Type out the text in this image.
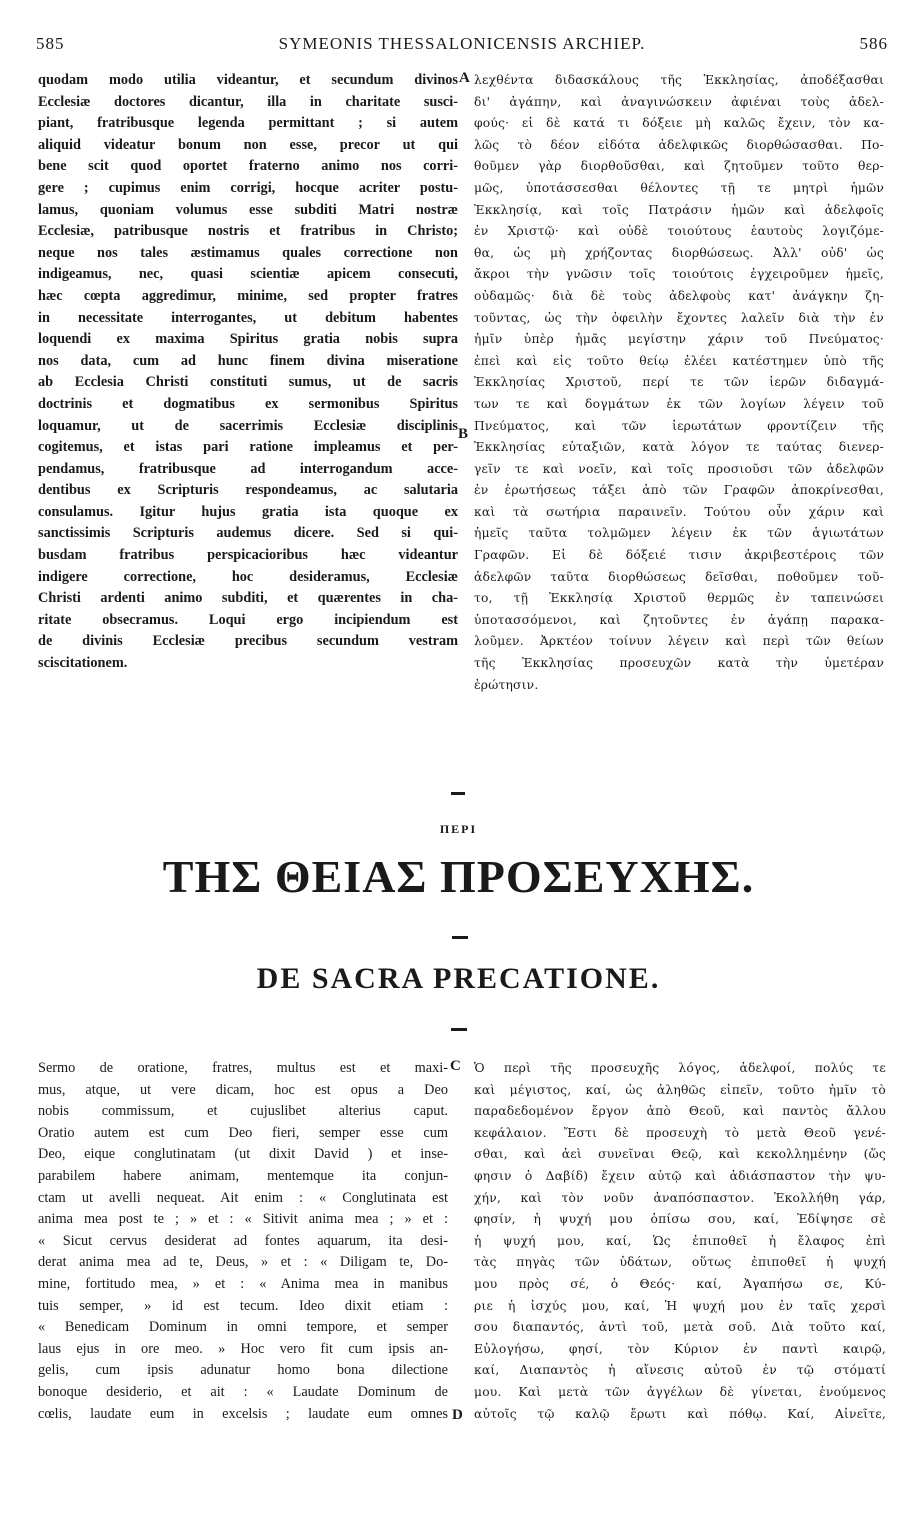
585	SYMEONIS THESSALONICENSIS ARCHIEP.	586
quodam modo utilia videantur, et secundum divinos
Ecclesiæ doctores dicantur, illa in charitate susci-
piant, fratribusque legenda permittant ; si autem
aliquid videatur bonum non esse, precor ut qui
bene scit quod oportet fraterno animo nos corri-
gere ; cupimus enim corrigi, hocque acriter postu-
lamus, quoniam volumus esse subditi Matri nostræ
Ecclesiæ, patribusque nostris et fratribus in Christo;
neque nos tales æstimamus quales correctione non
indigeamus, nec, quasi scientiæ apicem consecuti,
hæc cœpta aggredimur, minime, sed propter fratres
in necessitate interrogantes, ut debitum habentes
loquendi ex maxima Spiritus gratia nobis supra
nos data, cum ad hunc finem divina miseratione
ab Ecclesia Christi constituti sumus, ut de sacris
doctrinis et dogmatibus ex sermonibus Spiritus
loquamur, ut de sacerrimis Ecclesiæ disciplinis
cogitemus, et istas pari ratione impleamus et per-
pendamus, fratribusque ad interrogandum acce-
dentibus ex Scripturis respondeamus, ac salutaria
consulamus. Igitur hujus gratia ista quoque ex
sanctissimis Scripturis audemus dicere. Sed si qui-
busdam fratribus perspicacioribus hæc videantur
indigere correctione, hoc desideramus, Ecclesiæ
Christi ardenti animo subditi, et quærentes in cha-
ritate obsecramus. Loqui ergo incipiendum est
de divinis Ecclesiæ precibus secundum vestram
sciscitationem.
λεχθέντα διδασκάλους τῆς Ἐκκλησίας, ἀποδέξασθαι
δι' ἀγάπην, καὶ ἀναγινώσκειν ἀφιέναι τοὺς ἀδελ-
φούς· εἰ δὲ κατά τι δόξειε μὴ καλῶς ἔχειν, τὸν κα-
λῶς τὸ δέον εἰδότα ἀδελφικῶς διορθώσασθαι. Πο-
θοῦμεν γὰρ διορθοῦσθαι, καὶ ζητοῦμεν τοῦτο θερ-
μῶς, ὑποτάσσεσθαι θέλοντες τῇ τε μητρὶ ἡμῶν
Ἐκκλησίᾳ, καὶ τοῖς Πατράσιν ἡμῶν καὶ ἀδελφοῖς
ἐν Χριστῷ· καὶ οὐδὲ τοιούτους ἑαυτοὺς λογιζόμε-
θα, ὡς μὴ χρήζοντας διορθώσεως. Ἀλλ' οὐδ' ὡς
ἄκροι τὴν γνῶσιν τοῖς τοιούτοις ἐγχειροῦμεν ἡμεῖς,
οὐδαμῶς· διὰ δὲ τοὺς ἀδελφοὺς κατ' ἀνάγκην ζη-
τοῦντας, ὡς τὴν ὀφειλὴν ἔχοντες λαλεῖν διὰ τὴν ἐν
ἡμῖν ὑπὲρ ἡμᾶς μεγίστην χάριν τοῦ Πνεύματος·
ἐπεὶ καὶ εἰς τοῦτο θείῳ ἐλέει κατέστημεν ὑπὸ τῆς
Ἐκκλησίας Χριστοῦ, περί τε τῶν ἱερῶν διδαγμά-
των τε καὶ δογμάτων ἐκ τῶν λογίων λέγειν τοῦ
Πνεύματος, καὶ τῶν ἱερωτάτων φροντίζειν τῆς
Ἐκκλησίας εὐταξιῶν, κατὰ λόγον τε ταύτας διενερ-
γεῖν τε καὶ νοεῖν, καὶ τοῖς προσιοῦσι τῶν ἀδελφῶν
ἐν ἐρωτήσεως τάξει ἀπὸ τῶν Γραφῶν ἀποκρίνεσθαι,
καὶ τὰ σωτήρια παραινεῖν. Τούτου οὖν χάριν καὶ
ἡμεῖς ταῦτα τολμῶμεν λέγειν ἐκ τῶν ἁγιωτάτων
Γραφῶν. Εἰ δὲ δόξειέ τισιν ἀκριβεστέροις τῶν
ἀδελφῶν ταῦτα διορθώσεως δεῖσθαι, ποθοῦμεν τοῦ-
το, τῇ Ἐκκλησίᾳ Χριστοῦ θερμῶς ἐν ταπεινώσει
ὑποτασσόμενοι, καὶ ζητοῦντες ἐν ἀγάπῃ παρακα-
λοῦμεν. Ἀρκτέον τοίνυν λέγειν καὶ περὶ τῶν θείων
τῆς Ἐκκλησίας προσευχῶν κατὰ τὴν ὑμετέραν
ἐρώτησιν.
A
B
ΠΕΡΙ
ΤΗΣ ΘΕΙΑΣ ΠΡΟΣΕΥΧΗΣ.
DE SACRA PRECATIONE.
Sermo de oratione, fratres, multus est et maxi-
mus, atque, ut vere dicam, hoc est opus a Deo
nobis commissum, et cujuslibet alterius caput.
Oratio autem est cum Deo fieri, semper esse cum
Deo, eique conglutinatam (ut dixit David ) et inse-
parabilem habere animam, mentemque ita conjun-
ctam ut avelli nequeat. Ait enim : « Conglutinata est
anima mea post te ; » et : « Sitivit anima mea ; » et :
« Sicut cervus desiderat ad fontes aquarum, ita desi-
derat anima mea ad te, Deus, » et : « Diligam te, Do-
mine, fortitudo mea, » et : « Anima mea in manibus
tuis semper, » id est tecum. Ideo dixit etiam :
« Benedicam Dominum in omni tempore, et semper
laus ejus in ore meo. » Hoc vero fit cum ipsis an-
gelis, cum ipsis adunatur homo bona dilectione
bonoque desiderio, et ait : « Laudate Dominum de
cœlis, laudate eum in excelsis ; laudate eum omnes
Ὁ περὶ τῆς προσευχῆς λόγος, ἀδελφοί, πολύς τε
καὶ μέγιστος, καί, ὡς ἀληθῶς εἰπεῖν, τοῦτο ἡμῖν τὸ
παραδεδομένον ἔργον ἀπὸ Θεοῦ, καὶ παντὸς ἄλλου
κεφάλαιον. Ἔστι δὲ προσευχὴ τὸ μετὰ Θεοῦ γενέ-
σθαι, καὶ ἀεὶ συνεῖναι Θεῷ, καὶ κεκολλημένην (ὥς
φησιν ὁ Δαβίδ) ἔχειν αὐτῷ καὶ ἀδιάσπαστον τὴν ψυ-
χήν, καὶ τὸν νοῦν ἀναπόσπαστον. Ἐκολλήθη γάρ,
φησίν, ἡ ψυχή μου ὀπίσω σου, καί, Ἐδίψησε σὲ
ἡ ψυχή μου, καί, Ὡς ἐπιποθεῖ ἡ ἔλαφος ἐπὶ
τὰς πηγὰς τῶν ὑδάτων, οὕτως ἐπιποθεῖ ἡ ψυχή
μου πρὸς σέ, ὁ Θεός· καί, Ἀγαπήσω σε, Κύ-
ριε ἡ ἰσχύς μου, καί, Ἡ ψυχή μου ἐν ταῖς χερσὶ
σου διαπαντός, ἀντὶ τοῦ, μετὰ σοῦ. Διὰ τοῦτο καί,
Εὐλογήσω, φησί, τὸν Κύριον ἐν παντὶ καιρῷ,
καί, Διαπαντὸς ἡ αἴνεσις αὐτοῦ ἐν τῷ στόματί
μου. Καὶ μετὰ τῶν ἀγγέλων δὲ γίνεται, ἑνούμενος
αὐτοῖς τῷ καλῷ ἔρωτι καὶ πόθῳ. Καί, Αἰνεῖτε,
C
D
